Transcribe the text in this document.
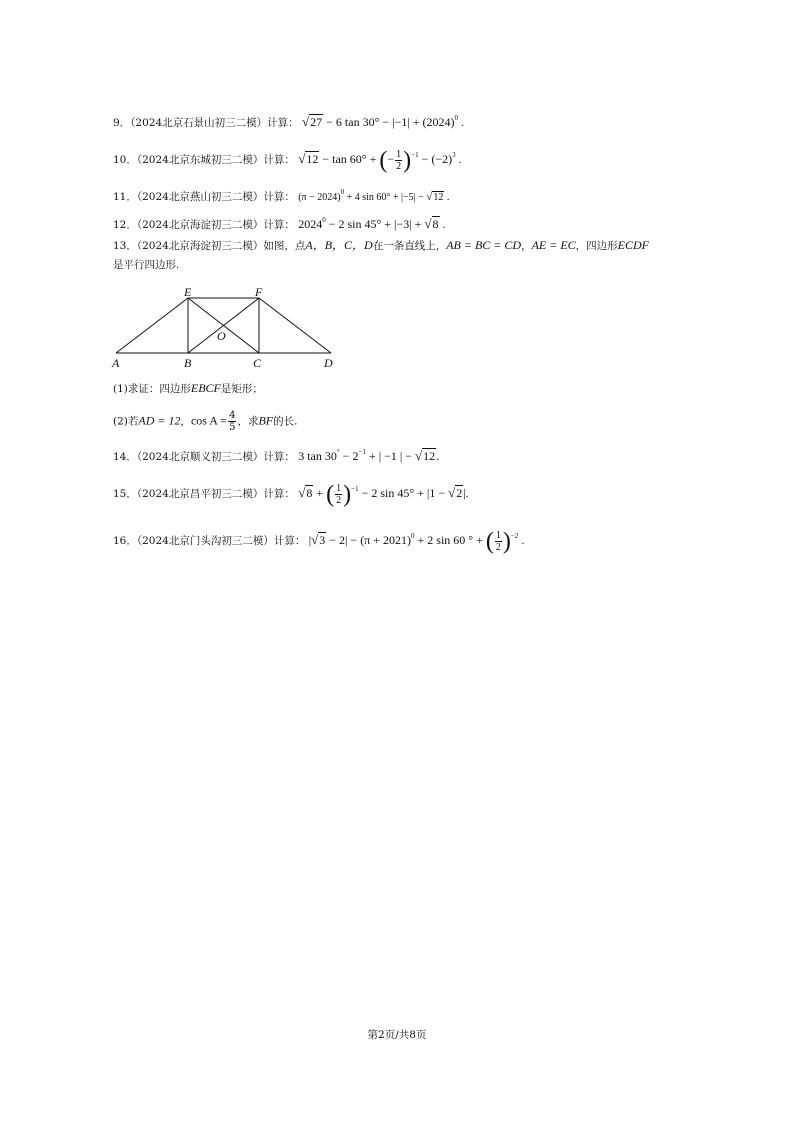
9．（2024北京石景山初三二模）计算： √27 − 6 $\tan 30^\circ - |-1| + (2024)^0$ .
10．（2024北京东城初三二模）计算： √12 − tan 60° + (− $\frac{1}{2} )^{-1} - (-2)^3$ .
11．（2024北京燕山初三二模）计算： $(\pi - 2024)^0 + 4$ sin 60° + |−5| − √12 .
12．（2024北京海淀初三二模）计算： $2024^0 - 2$ sin 45° + |−3| + √8 .
13．（2024北京海淀初三二模）如图，点A，B，C，D在一条直线上，AB = BC = CD，AE = EC，四边形ECDF
是平行四边形.
E	F
O
A	B	C	D
(1)求证：四边形EBCF是矩形；
(2)若AD = 12，$\cos A = \frac{4}{5}$ ，求BF的长.
14．（2024北京顺义初三二模）计算： 3 $\tan 30^\circ - 2^{-1}$ + | −1 | − √12.
15．（2024北京昌平初三二模）计算： √8 + ( $\frac{1}{2} )^{-1} - 2$ sin 45° + |1 − √2|.
16．（2024北京门头沟初三二模）计算： $|√3 - 2| - (\pi + 2021)^0 + 2$ sin 60 ° + ( $\frac{1}{2} )^{-2}$ .
第2页/共8页
